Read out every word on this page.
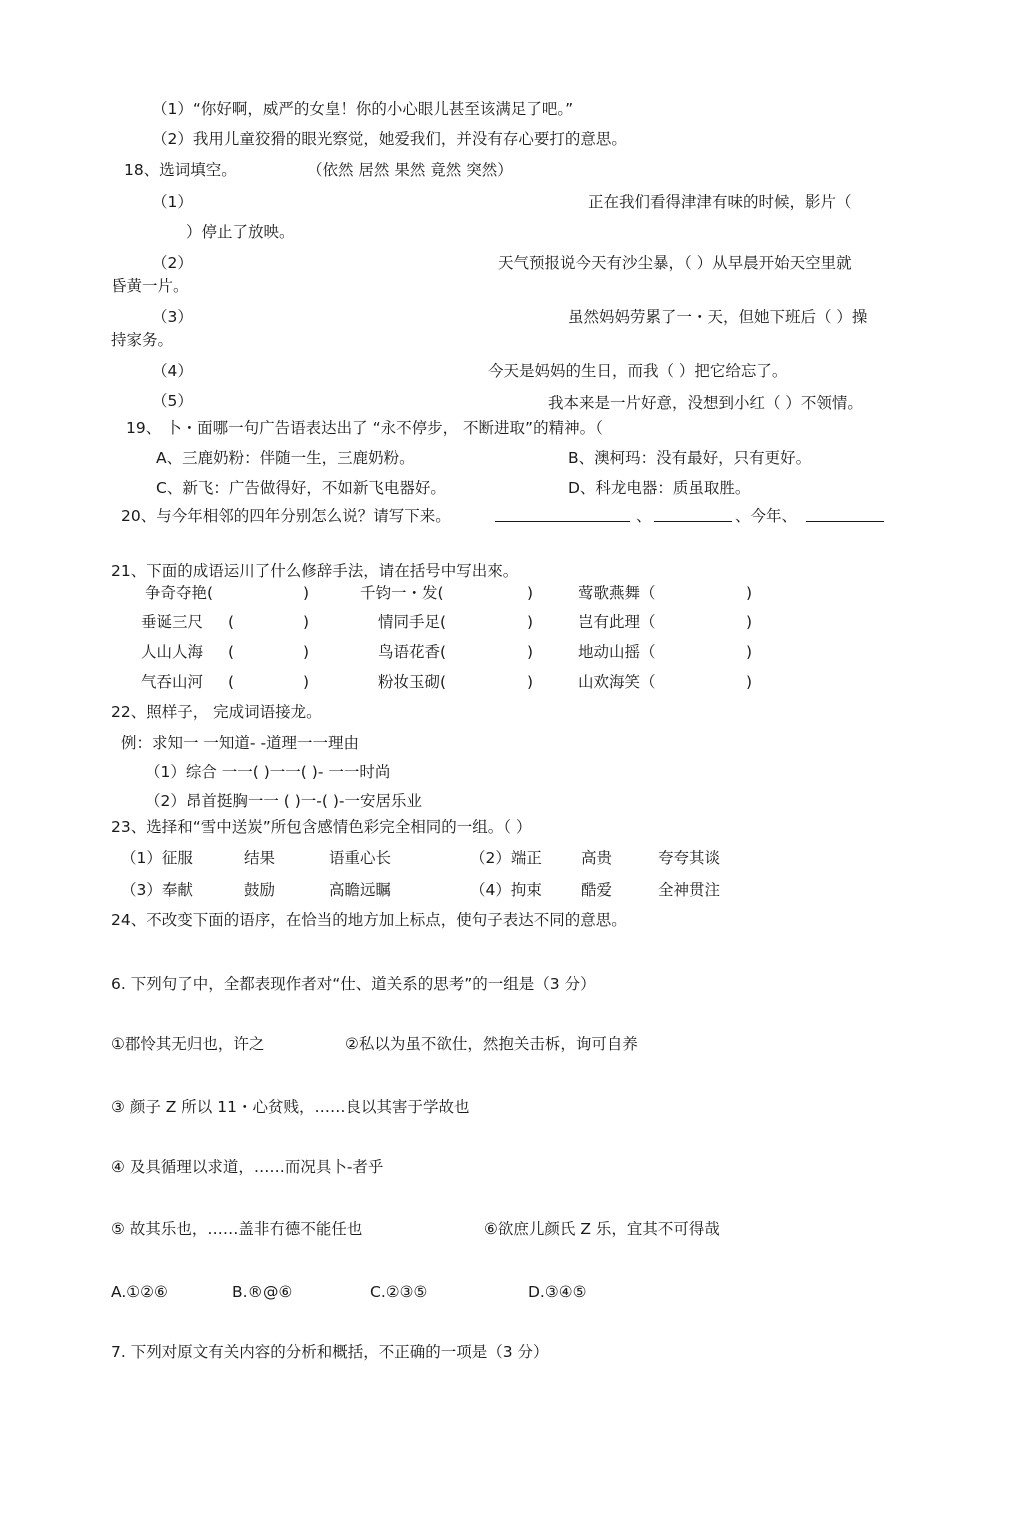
（1）“你好啊，威严的女皇！你的小心眼儿甚至该满足了吧。”
（2）我用儿童狡猾的眼光察觉，她爱我们，并没有存心要打的意思。
18、选词填空。	（依然 居然 果然 竟然 突然）
（1）	正在我们看得津津有味的时候，影片（
）停止了放映。
（2）	天气预报说今天有沙尘暴，（ ）从早晨开始天空里就
昏黄一片。
（3）	虽然妈妈劳累了一・天，但她下班后（ ）操
持家务。
（4）	今天是妈妈的生日，而我（ ）把它给忘了。
（5）	我本来是一片好意，没想到小红（ ）不领情。
19、 卜・面哪一句广告语表达出了 “永不停步， 不断进取”的精神。（
A、三鹿奶粉：伴随一生，三鹿奶粉。	B、澳柯玛：没有最好，只有更好。
C、新飞：广告做得好，不如新飞电器好。	D、科龙电器：质虽取胜。
20、与今年相邻的四年分别怎么说？请写下来。	、	、今年、
21、下面的成语运川了什么修辞手法，请在括号中写出來。
争奇夺艳(	)	千钧一・发(	)	莺歌燕舞（	)
垂诞三尺 (	)	情同手足(	)	岂有此理（	)
人山人海 (	)	鸟语花香(	)	地动山摇（	)
气吞山河 (	)	粉妆玉砌(	)	山欢海笑（	)
22、照样子， 完成词语接龙。
例：求知一 一知道- -道理一一理由
（1）综合 一一( )一一( )- 一一时尚
（2）昂首挺胸一一 ( )一-( )-一安居乐业
23、选择和“雪中送炭”所包含感情色彩完全相同的一组。（ ）
（1）征服	结果	语重心长	（2）端正	高贵	夸夸其谈
（3）奉献	鼓励	高瞻远瞩	（4）拘束	酷爱	全神贯注
24、不改变下面的语序，在恰当的地方加上标点，使句子表达不同的意思。
6. 下列句了中，全都表现作者对“仕、道关系的思考”的一组是（3 分）
①郡怜其无归也，许之	②私以为虽不欲仕，然抱关击柝，询可自养
③ 颜子 Z 所以 11・心贫贱，……良以其害于学故也
④ 及具循理以求道，……而况具卜-者乎
⑤ 故其乐也，……盖非冇德不能任也	⑥欲庶儿颜氏 Z 乐，宜其不可得哉
A.①②⑥	B.®@⑥	C.②③⑤	D.③④⑤
7. 下列对原文有关内容的分析和概括，不正确的一项是（3 分）
